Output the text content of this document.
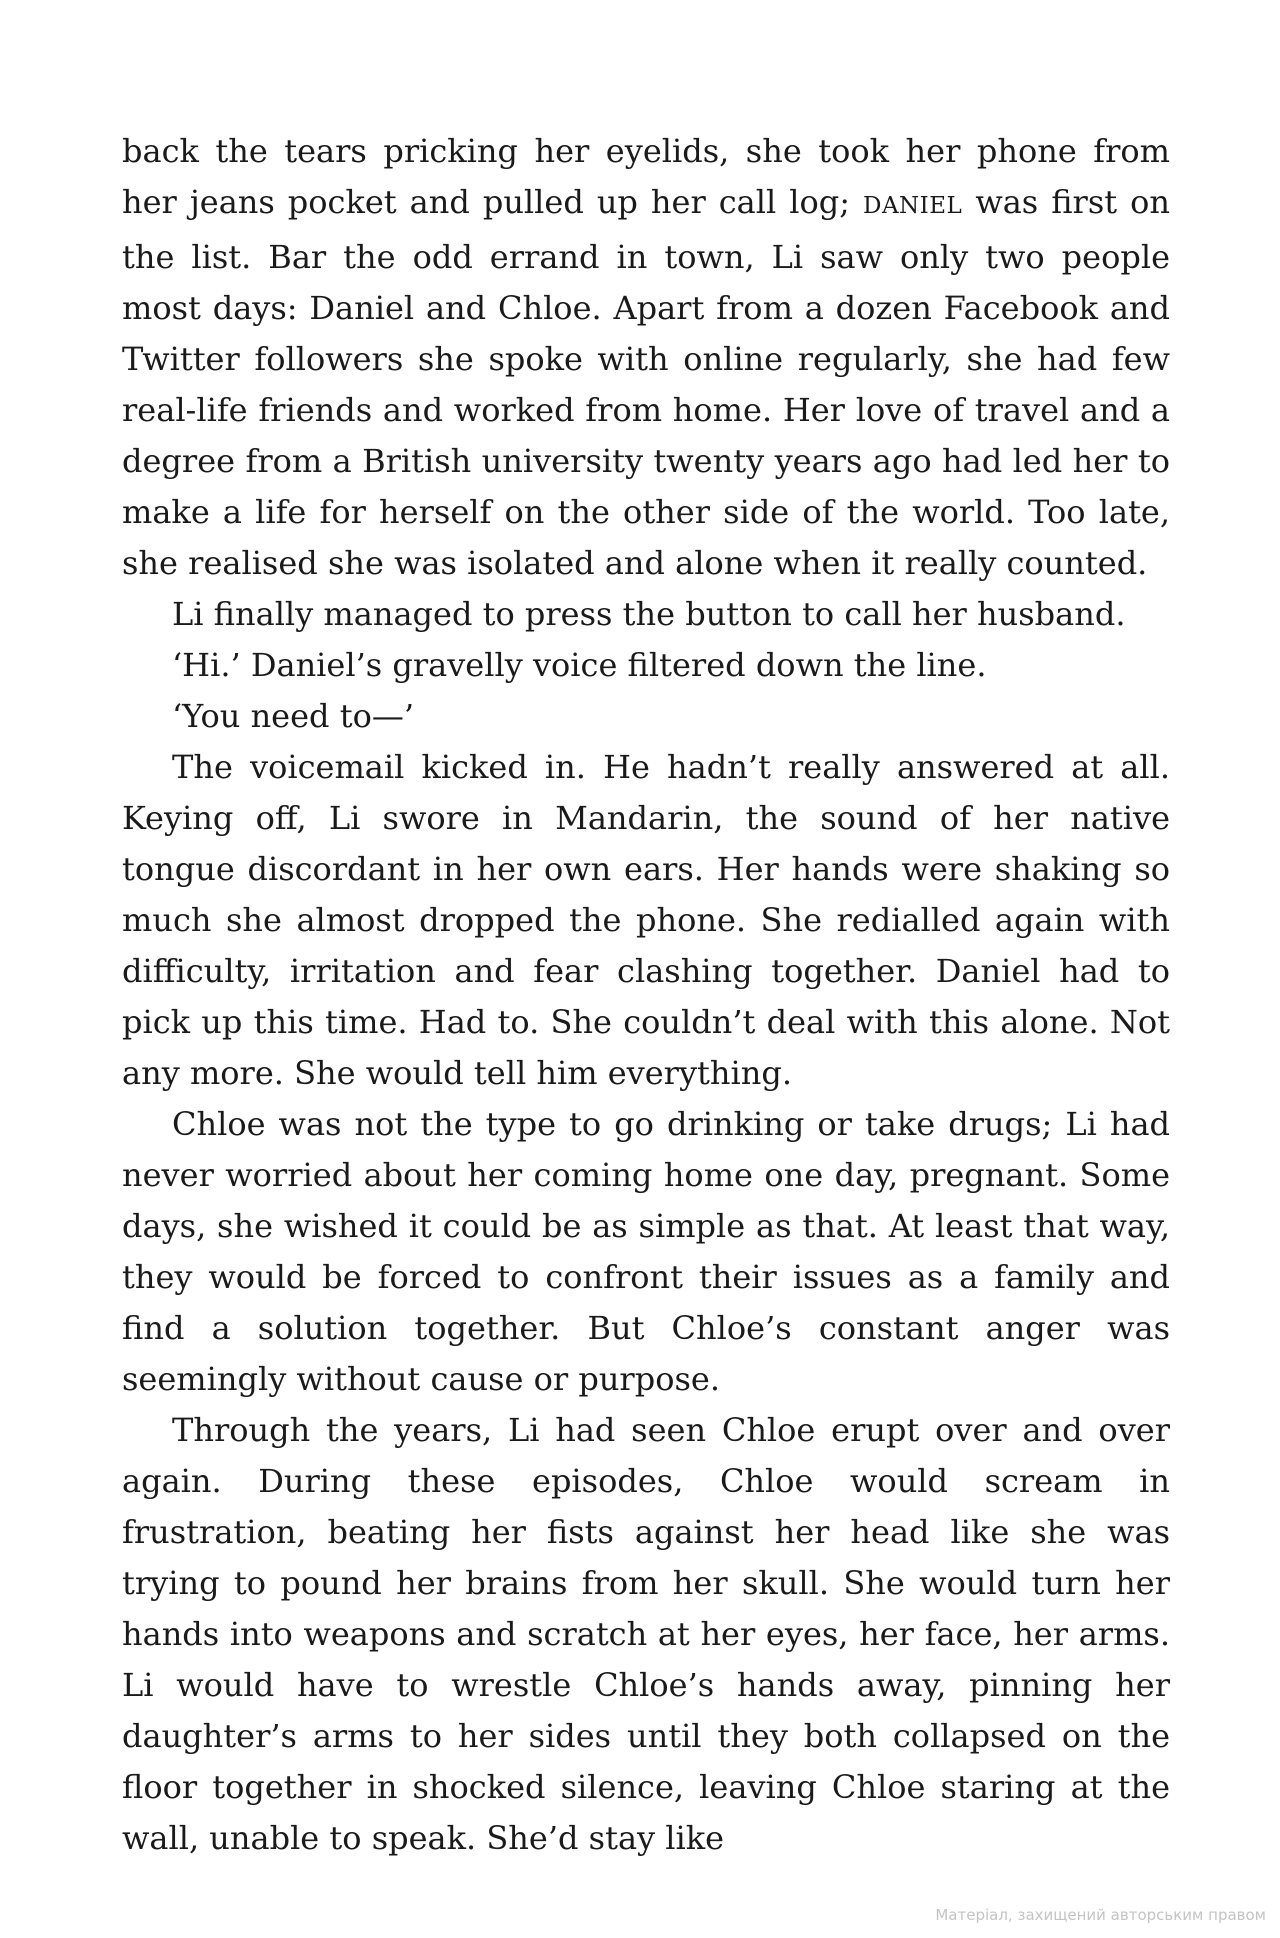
back the tears pricking her eyelids, she took her phone from her jeans pocket and pulled up her call log; DANIEL was first on the list. Bar the odd errand in town, Li saw only two people most days: Daniel and Chloe. Apart from a dozen Facebook and Twitter followers she spoke with online regularly, she had few real-life friends and worked from home. Her love of travel and a degree from a British university twenty years ago had led her to make a life for herself on the other side of the world. Too late, she realised she was isolated and alone when it really counted.

Li finally managed to press the button to call her husband.

‘Hi.’ Daniel’s gravelly voice filtered down the line.

‘You need to—’

The voicemail kicked in. He hadn’t really answered at all. Keying off, Li swore in Mandarin, the sound of her native tongue discordant in her own ears. Her hands were shaking so much she almost dropped the phone. She redialled again with difficulty, irritation and fear clashing together. Daniel had to pick up this time. Had to. She couldn’t deal with this alone. Not any more. She would tell him everything.

Chloe was not the type to go drinking or take drugs; Li had never worried about her coming home one day, pregnant. Some days, she wished it could be as simple as that. At least that way, they would be forced to confront their issues as a family and find a solution together. But Chloe’s constant anger was seemingly without cause or purpose.

Through the years, Li had seen Chloe erupt over and over again. During these episodes, Chloe would scream in frustration, beating her fists against her head like she was trying to pound her brains from her skull. She would turn her hands into weapons and scratch at her eyes, her face, her arms. Li would have to wrestle Chloe’s hands away, pinning her daughter’s arms to her sides until they both collapsed on the floor together in shocked silence, leaving Chloe staring at the wall, unable to speak. She’d stay like

Матеріал, захищений авторським правом
